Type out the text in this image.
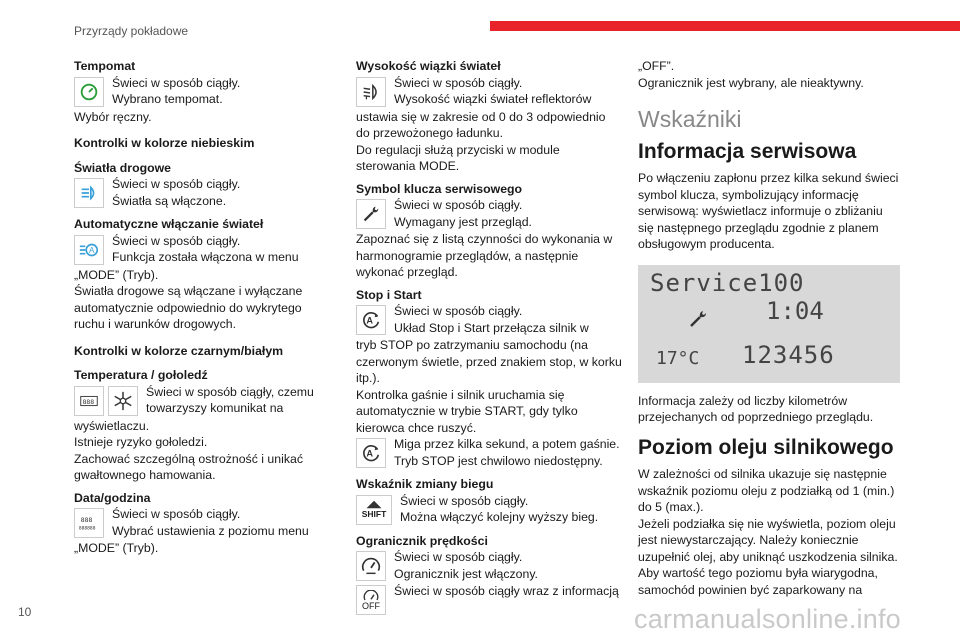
Przyrządy pokładowe

Tempomat

Świeci w sposób ciągły.
Wybrano tempomat.
Wybór ręczny.

Kontrolki w kolorze niebieskim

Światła drogowe

Świeci w sposób ciągły.
Światła są włączone.

Automatyczne włączanie świateł

A
Świeci w sposób ciągły.
Funkcja została włączona w menu
„MODE” (Tryb).
Światła drogowe są włączane i wyłączane automatycznie odpowiednio do wykrytego ruchu i warunków drogowych.

Kontrolki w kolorze czarnym/białym

Temperatura / gołoledź

888
Świeci w sposób ciągły, czemu
towarzyszy komunikat na
wyświetlaczu.
Istnieje ryzyko gołoledzi.
Zachować szczególną ostrożność i unikać gwałtownego hamowania.

Data/godzina

888
888888
Świeci w sposób ciągły.
Wybrać ustawienia z poziomu menu
„MODE” (Tryb).

Wysokość wiązki świateł

Świeci w sposób ciągły.
Wysokość wiązki świateł reflektorów
ustawia się w zakresie od 0 do 3 odpowiednio do przewożonego ładunku.
Do regulacji służą przyciski w module sterowania MODE.

Symbol klucza serwisowego

Świeci w sposób ciągły.
Wymagany jest przegląd.
Zapoznać się z listą czynności do wykonania w harmonogramie przeglądów, a następnie wykonać przegląd.

Stop i Start

A
Świeci w sposób ciągły.
Układ Stop i Start przełącza silnik w
tryb STOP po zatrzymaniu samochodu (na czerwonym świetle, przed znakiem stop, w korku itp.).
Kontrolka gaśnie i silnik uruchamia się automatycznie w trybie START, gdy tylko kierowca chce ruszyć.
A
Miga przez kilka sekund, a potem gaśnie.
Tryb STOP jest chwilowo niedostępny.

Wskaźnik zmiany biegu

SHIFT
Świeci w sposób ciągły.
Można włączyć kolejny wyższy bieg.

Ogranicznik prędkości

Świeci w sposób ciągły.
Ogranicznik jest włączony.
OFF
Świeci w sposób ciągły wraz z informacją
„OFF”.
Ogranicznik jest wybrany, ale nieaktywny.

Wskaźniki

Informacja serwisowa

Po włączeniu zapłonu przez kilka sekund świeci symbol klucza, symbolizujący informację serwisową: wyświetlacz informuje o zbliżaniu się następnego przeglądu zgodnie z planem obsługowym producenta.

Service100
1:04
17°C 123456

Informacja zależy od liczby kilometrów przejechanych od poprzedniego przeglądu.

Poziom oleju silnikowego

W zależności od silnika ukazuje się następnie wskaźnik poziomu oleju z podziałką od 1 (min.) do 5 (max.).

Jeżeli podziałka się nie wyświetla, poziom oleju jest niewystarczający. Należy koniecznie uzupełnić olej, aby uniknąć uszkodzenia silnika.

Aby wartość tego poziomu była wiarygodna, samochód powinien być zaparkowany na

10	carmanualsonline.info
